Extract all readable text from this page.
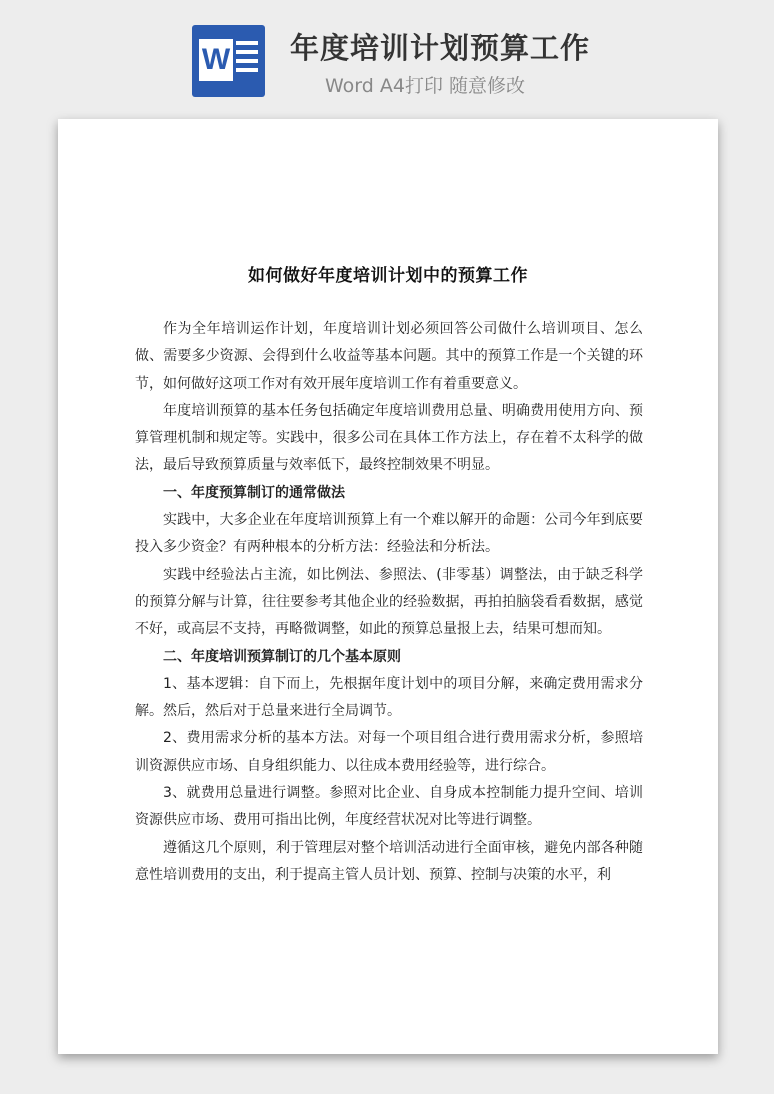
W 年度培训计划预算工作
Word A4打印 随意修改
如何做好年度培训计划中的预算工作

作为全年培训运作计划，年度培训计划必须回答公司做什么培训项目、怎么做、需要多少资源、会得到什么收益等基本问题。其中的预算工作是一个关键的环节，如何做好这项工作对有效开展年度培训工作有着重要意义。

年度培训预算的基本任务包括确定年度培训费用总量、明确费用使用方向、预算管理机制和规定等。实践中，很多公司在具体工作方法上，存在着不太科学的做法，最后导致预算质量与效率低下，最终控制效果不明显。

一、年度预算制订的通常做法

实践中，大多企业在年度培训预算上有一个难以解开的命题：公司今年到底要投入多少资金？有两种根本的分析方法：经验法和分析法。

实践中经验法占主流，如比例法、参照法、(非零基）调整法，由于缺乏科学的预算分解与计算，往往要参考其他企业的经验数据，再拍拍脑袋看看数据，感觉不好，或高层不支持，再略微调整，如此的预算总量报上去，结果可想而知。

二、年度培训预算制订的几个基本原则

1、基本逻辑：自下而上，先根据年度计划中的项目分解，来确定费用需求分解。然后，然后对于总量来进行全局调节。

2、费用需求分析的基本方法。对每一个项目组合进行费用需求分析，参照培训资源供应市场、自身组织能力、以往成本费用经验等，进行综合。

3、就费用总量进行调整。参照对比企业、自身成本控制能力提升空间、培训资源供应市场、费用可指出比例，年度经营状况对比等进行调整。

遵循这几个原则，利于管理层对整个培训活动进行全面审核，避免内部各种随意性培训费用的支出，利于提高主管人员计划、预算、控制与决策的水平，利
